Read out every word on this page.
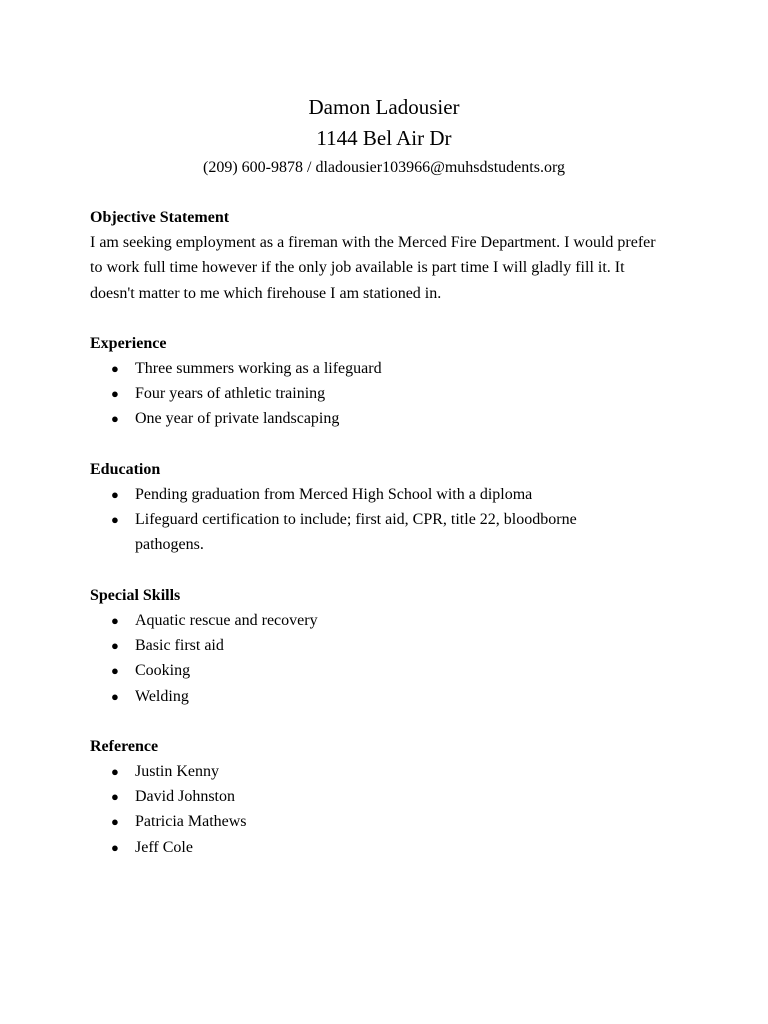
Damon Ladousier
1144 Bel Air Dr
(209) 600-9878 / dladousier103966@muhsdstudents.org
Objective Statement
I am seeking employment as a fireman with the Merced Fire Department. I would prefer to work full time however if the only job available is part time I will gladly fill it. It doesn't matter to me which firehouse I am stationed in.
Experience
● Three summers working as a lifeguard
● Four years of athletic training
● One year of private landscaping
Education
● Pending graduation from Merced High School with a diploma
● Lifeguard certification to include; first aid, CPR, title 22, bloodborne pathogens.
Special Skills
● Aquatic rescue and recovery
● Basic first aid
● Cooking
● Welding
Reference
● Justin Kenny
● David Johnston
● Patricia Mathews
● Jeff Cole
